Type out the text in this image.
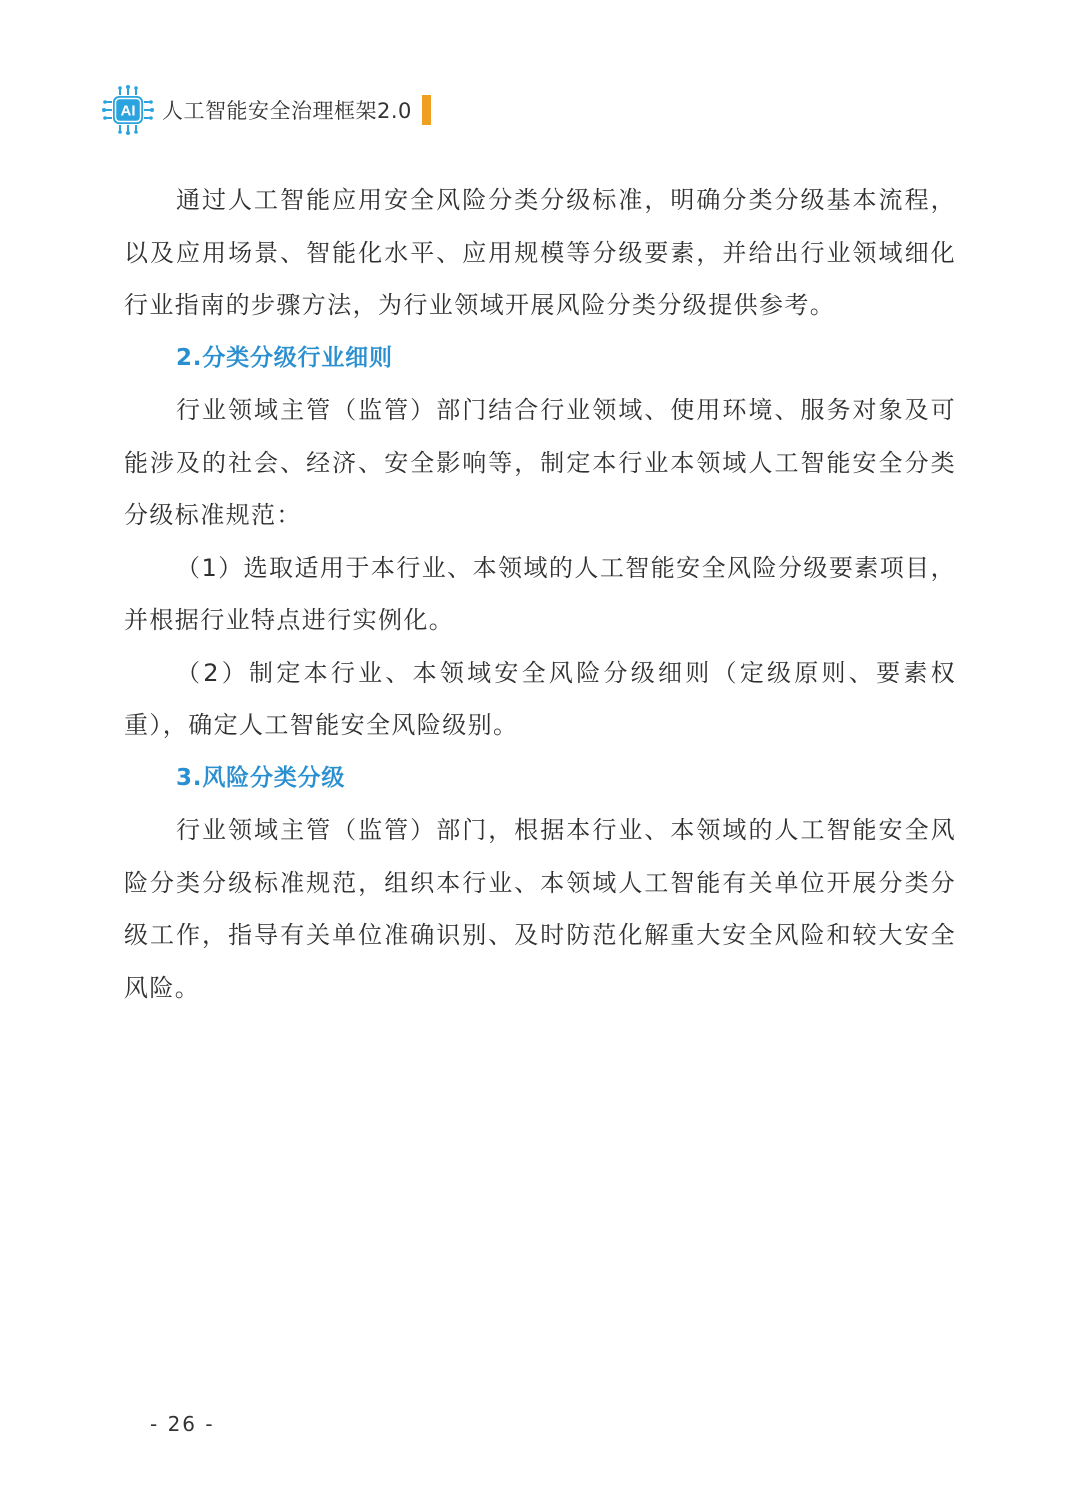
AI 人工智能安全治理框架2.0

通过人工智能应用安全风险分类分级标准，明确分类分级基本流程，以及应用场景、智能化水平、应用规模等分级要素，并给出行业领域细化行业指南的步骤方法，为行业领域开展风险分类分级提供参考。

2.分类分级行业细则

行业领域主管（监管）部门结合行业领域、使用环境、服务对象及可能涉及的社会、经济、安全影响等，制定本行业本领域人工智能安全分类分级标准规范：

（1）选取适用于本行业、本领域的人工智能安全风险分级要素项目，并根据行业特点进行实例化。

（2）制定本行业、本领域安全风险分级细则（定级原则、要素权重），确定人工智能安全风险级别。

3.风险分类分级

行业领域主管（监管）部门，根据本行业、本领域的人工智能安全风险分类分级标准规范，组织本行业、本领域人工智能有关单位开展分类分级工作，指导有关单位准确识别、及时防范化解重大安全风险和较大安全风险。

- 26 -
